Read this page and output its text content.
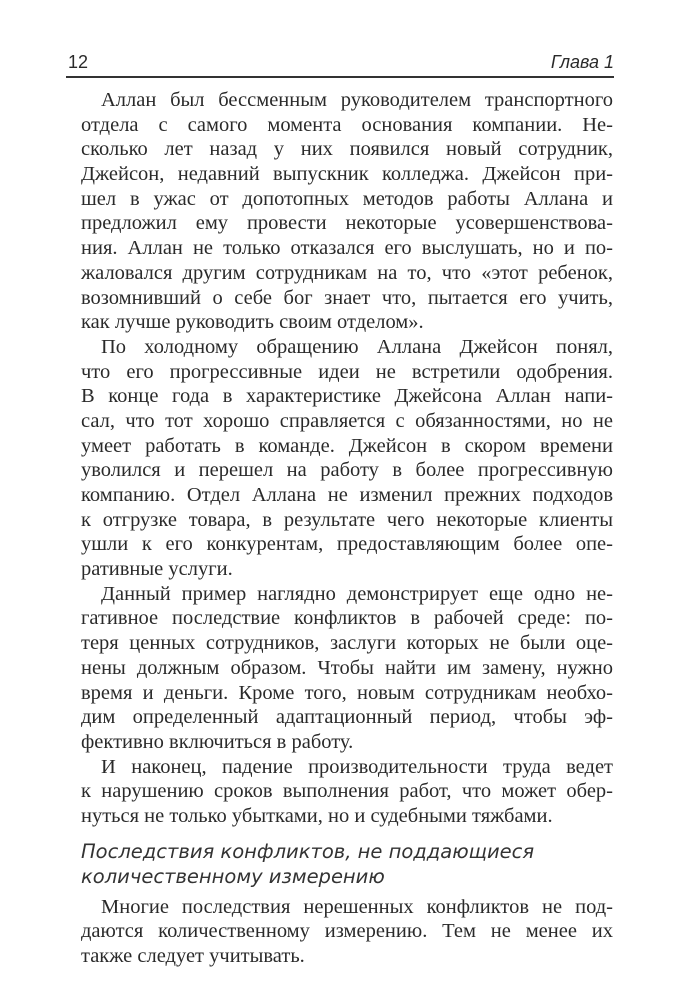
12	Глава 1
Аллан был бессменным руководителем транспортного
отдела с самого момента основания компании. Не-
сколько лет назад у них появился новый сотрудник,
Джейсон, недавний выпускник колледжа. Джейсон при-
шел в ужас от допотопных методов работы Аллана и
предложил ему провести некоторые усовершенствова-
ния. Аллан не только отказался его выслушать, но и по-
жаловался другим сотрудникам на то, что «этот ребенок,
возомнивший о себе бог знает что, пытается его учить,
как лучше руководить своим отделом».
По холодному обращению Аллана Джейсон понял,
что его прогрессивные идеи не встретили одобрения.
В конце года в характеристике Джейсона Аллан напи-
сал, что тот хорошо справляется с обязанностями, но не
умеет работать в команде. Джейсон в скором времени
уволился и перешел на работу в более прогрессивную
компанию. Отдел Аллана не изменил прежних подходов
к отгрузке товара, в результате чего некоторые клиенты
ушли к его конкурентам, предоставляющим более опе-
ративные услуги.
Данный пример наглядно демонстрирует еще одно не-
гативное последствие конфликтов в рабочей среде: по-
теря ценных сотрудников, заслуги которых не были оце-
нены должным образом. Чтобы найти им замену, нужно
время и деньги. Кроме того, новым сотрудникам необхо-
дим определенный адаптационный период, чтобы эф-
фективно включиться в работу.
И наконец, падение производительности труда ведет
к нарушению сроков выполнения работ, что может обер-
нуться не только убытками, но и судебными тяжбами.
Последствия конфликтов, не поддающиеся
количественному измерению
Многие последствия нерешенных конфликтов не под-
даются количественному измерению. Тем не менее их
также следует учитывать.
